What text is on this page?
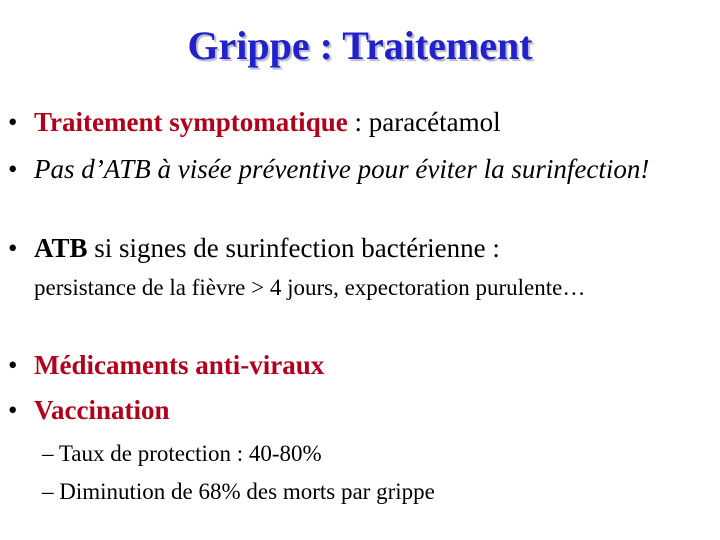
Grippe : Traitement
• Traitement symptomatique : paracétamol
• Pas d’ATB à visée préventive pour éviter la surinfection!
• ATB si signes de surinfection bactérienne :
persistance de la fièvre > 4 jours, expectoration purulente…
• Médicaments anti-viraux
• Vaccination
– Taux de protection : 40-80%
– Diminution de 68% des morts par grippe
